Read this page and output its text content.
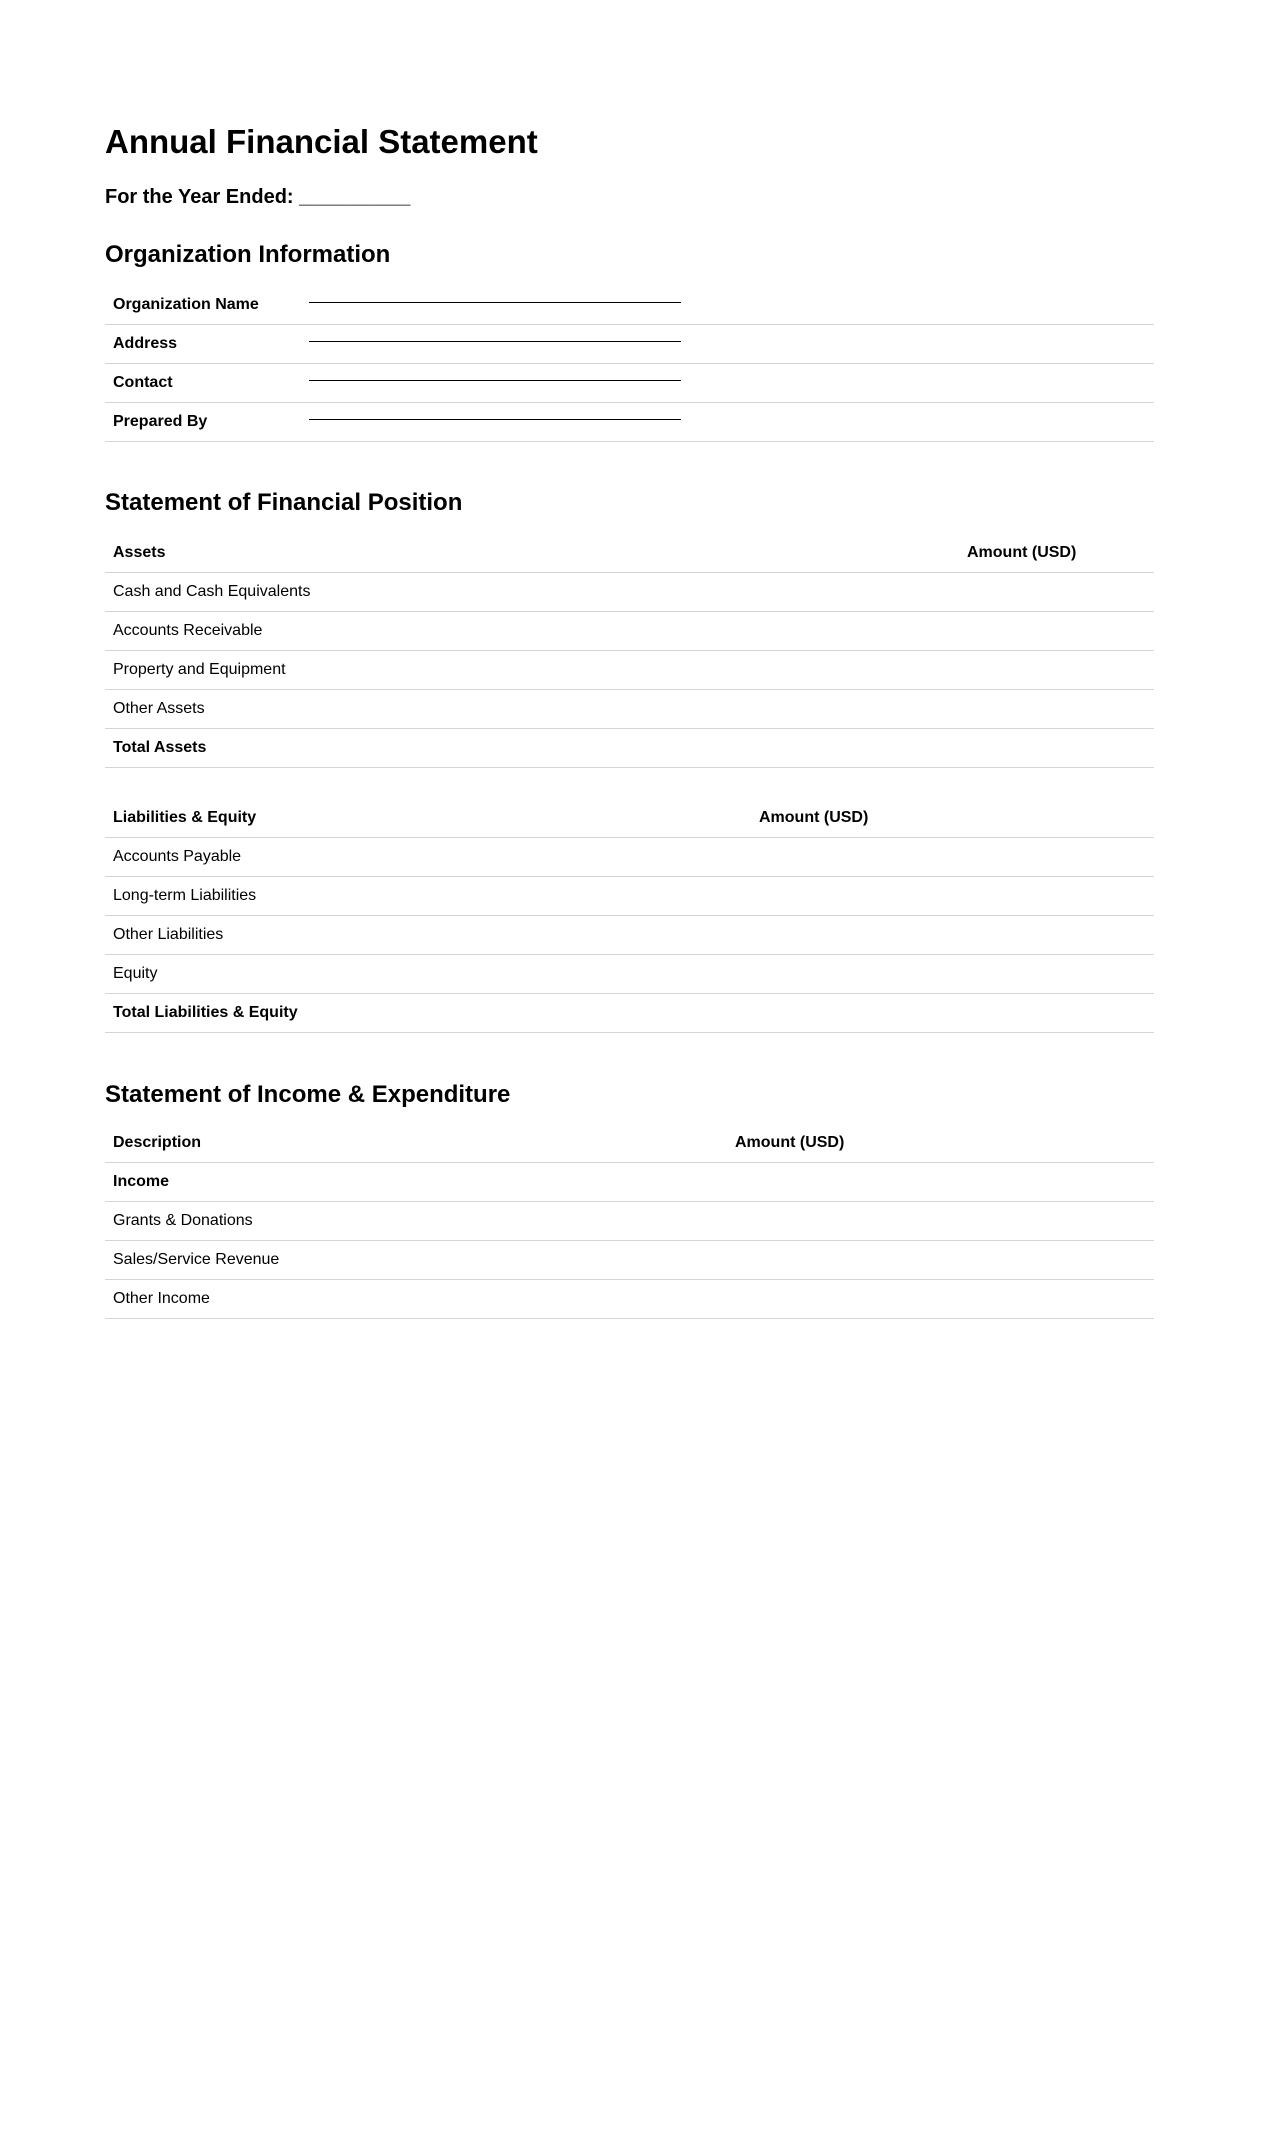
Annual Financial Statement
For the Year Ended: __________
Organization Information
Organization Name
Address
Contact
Prepared By
Statement of Financial Position
Assets	Amount (USD)
Cash and Cash Equivalents
Accounts Receivable
Property and Equipment
Other Assets
Total Assets
Liabilities & Equity	Amount (USD)
Accounts Payable
Long-term Liabilities
Other Liabilities
Equity
Total Liabilities & Equity
Statement of Income & Expenditure
Description	Amount (USD)
Income
Grants & Donations
Sales/Service Revenue
Other Income
